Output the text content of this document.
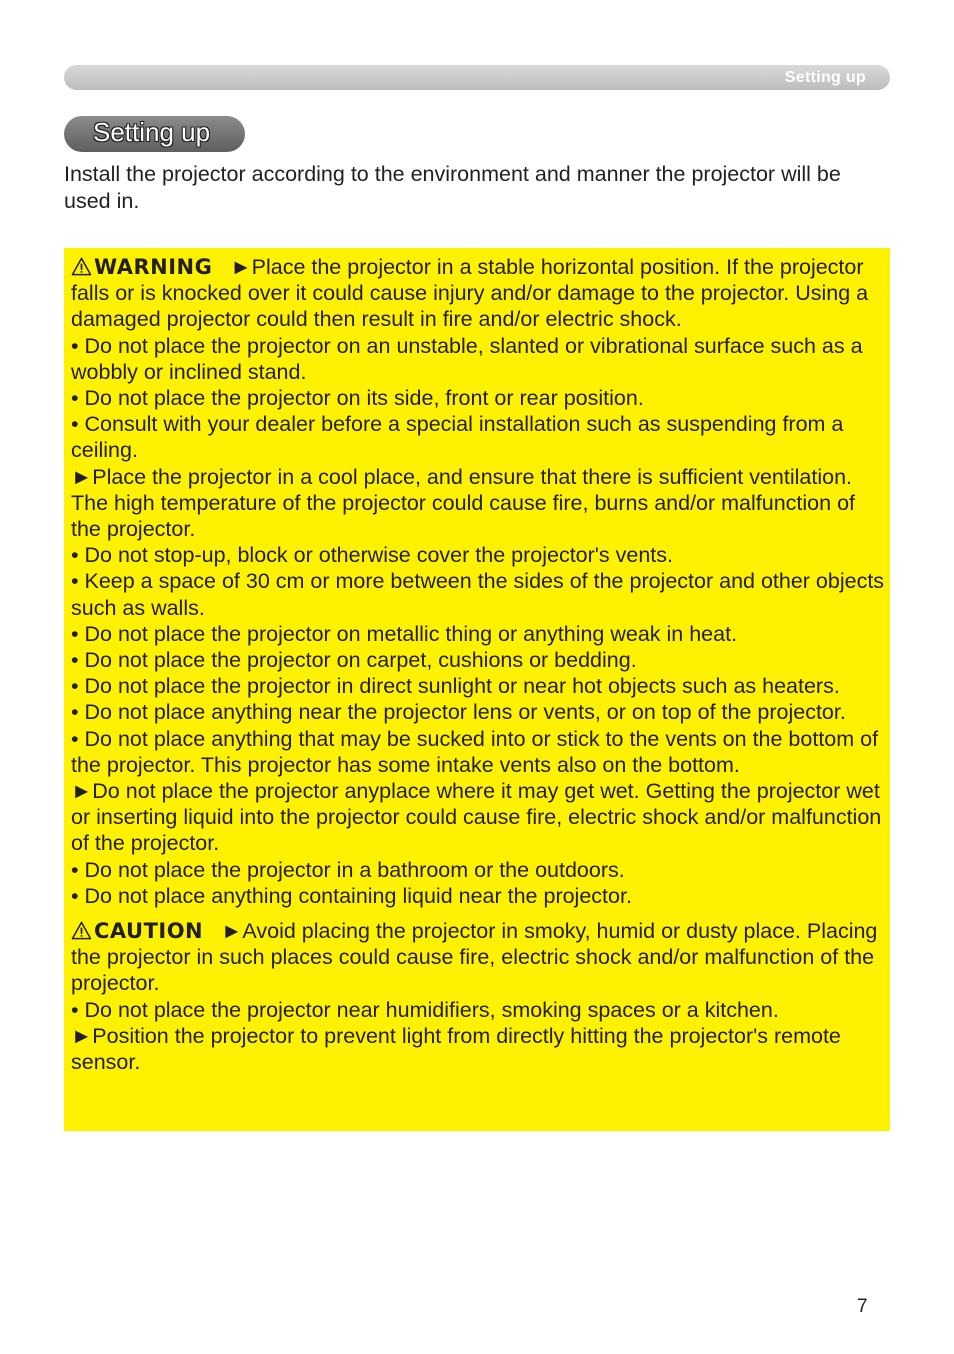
Setting up
Setting up

Install the projector according to the environment and manner the projector will be used in.

WARNING ►Place the projector in a stable horizontal position. If the projector falls or is knocked over it could cause injury and/or damage to the projector. Using a damaged projector could then result in fire and/or electric shock.

• Do not place the projector on an unstable, slanted or vibrational surface such as a wobbly or inclined stand.

• Do not place the projector on its side, front or rear position.

• Consult with your dealer before a special installation such as suspending from a ceiling.

►Place the projector in a cool place, and ensure that there is sufficient ventilation. The high temperature of the projector could cause fire, burns and/or malfunction of the projector.

• Do not stop-up, block or otherwise cover the projector's vents.

• Keep a space of 30 cm or more between the sides of the projector and other objects such as walls.

• Do not place the projector on metallic thing or anything weak in heat.

• Do not place the projector on carpet, cushions or bedding.

• Do not place the projector in direct sunlight or near hot objects such as heaters.

• Do not place anything near the projector lens or vents, or on top of the projector.

• Do not place anything that may be sucked into or stick to the vents on the bottom of the projector. This projector has some intake vents also on the bottom.

►Do not place the projector anyplace where it may get wet. Getting the projector wet or inserting liquid into the projector could cause fire, electric shock and/or malfunction of the projector.

• Do not place the projector in a bathroom or the outdoors.

• Do not place anything containing liquid near the projector.

CAUTION ►Avoid placing the projector in smoky, humid or dusty place. Placing the projector in such places could cause fire, electric shock and/or malfunction of the projector.

• Do not place the projector near humidifiers, smoking spaces or a kitchen.

►Position the projector to prevent light from directly hitting the projector's remote sensor.

7
